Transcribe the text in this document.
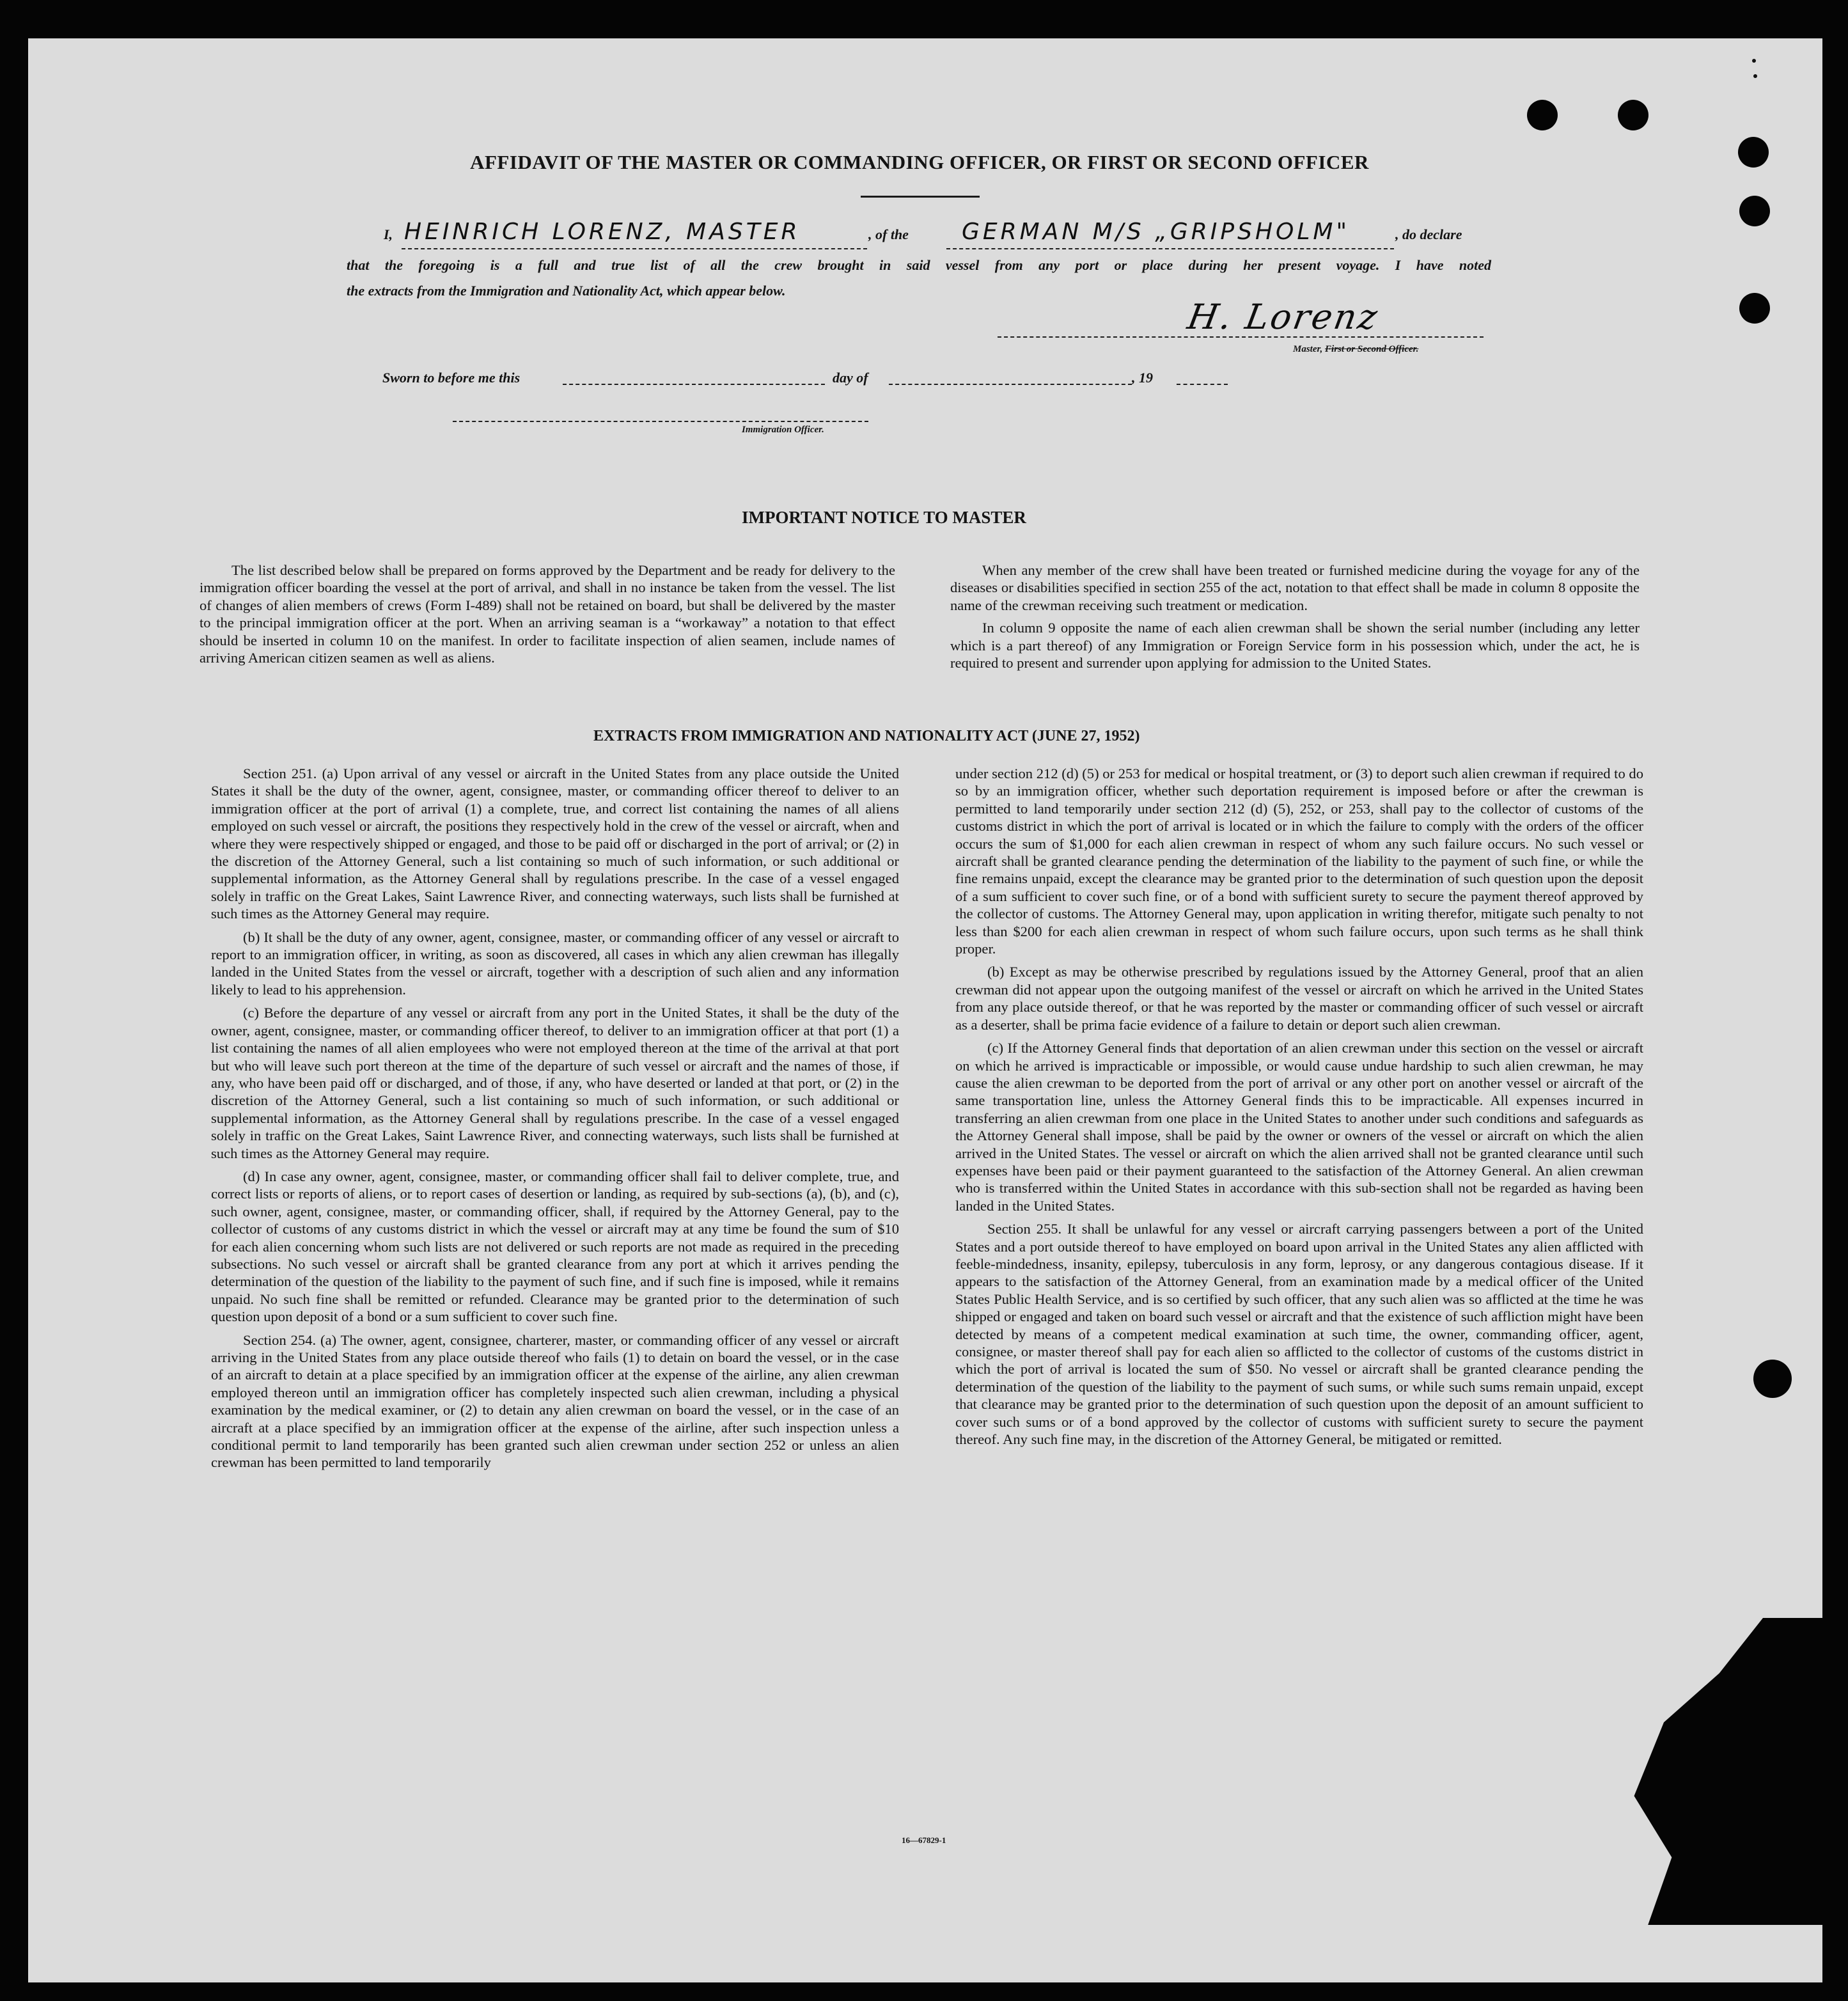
AFFIDAVIT OF THE MASTER OR COMMANDING OFFICER, OR FIRST OR SECOND OFFICER
I, HEINRICH LORENZ, MASTER	, of the GERMAN M/S „GRIPSHOLM"	, do declare
that the foregoing is a full and true list of all the crew brought in said vessel from any port or place during her present voyage. I have noted
the extracts from the Immigration and Nationality Act, which appear below.
H. Lorenz
Master, First or Second Officer.
Sworn to before me this	day of	, 19
Immigration Officer.
IMPORTANT NOTICE TO MASTER

The list described below shall be prepared on forms approved by the Department and be ready for delivery to the immigration officer boarding the vessel at the port of arrival, and shall in no instance be taken from the vessel. The list of changes of alien members of crews (Form I-489) shall not be retained on board, but shall be delivered by the master to the principal immigration officer at the port. When an arriving seaman is a “workaway” a notation to that effect should be inserted in column 10 on the manifest. In order to facilitate inspection of alien seamen, include names of arriving American citizen seamen as well as aliens.

When any member of the crew shall have been treated or furnished medicine during the voyage for any of the diseases or disabilities specified in section 255 of the act, notation to that effect shall be made in column 8 opposite the name of the crewman receiving such treatment or medication.

In column 9 opposite the name of each alien crewman shall be shown the serial number (including any letter which is a part thereof) of any Immigration or Foreign Service form in his possession which, under the act, he is required to present and surrender upon applying for admission to the United States.

EXTRACTS FROM IMMIGRATION AND NATIONALITY ACT (JUNE 27, 1952)

Section 251. (a) Upon arrival of any vessel or aircraft in the United States from any place outside the United States it shall be the duty of the owner, agent, consignee, master, or commanding officer thereof to deliver to an immigration officer at the port of arrival (1) a complete, true, and correct list containing the names of all aliens employed on such vessel or aircraft, the positions they respectively hold in the crew of the vessel or aircraft, when and where they were respectively shipped or engaged, and those to be paid off or discharged in the port of arrival; or (2) in the discretion of the Attorney General, such a list containing so much of such information, or such additional or supplemental information, as the Attorney General shall by regulations prescribe. In the case of a vessel engaged solely in traffic on the Great Lakes, Saint Lawrence River, and connecting waterways, such lists shall be furnished at such times as the Attorney General may require.

(b) It shall be the duty of any owner, agent, consignee, master, or commanding officer of any vessel or aircraft to report to an immigration officer, in writing, as soon as discovered, all cases in which any alien crewman has illegally landed in the United States from the vessel or aircraft, together with a description of such alien and any information likely to lead to his apprehension.

(c) Before the departure of any vessel or aircraft from any port in the United States, it shall be the duty of the owner, agent, consignee, master, or commanding officer thereof, to deliver to an immigration officer at that port (1) a list containing the names of all alien employees who were not employed thereon at the time of the arrival at that port but who will leave such port thereon at the time of the departure of such vessel or aircraft and the names of those, if any, who have been paid off or discharged, and of those, if any, who have deserted or landed at that port, or (2) in the discretion of the Attorney General, such a list containing so much of such information, or such additional or supplemental information, as the Attorney General shall by regulations prescribe. In the case of a vessel engaged solely in traffic on the Great Lakes, Saint Lawrence River, and connecting waterways, such lists shall be furnished at such times as the Attorney General may require.

(d) In case any owner, agent, consignee, master, or commanding officer shall fail to deliver complete, true, and correct lists or reports of aliens, or to report cases of desertion or landing, as required by sub-sections (a), (b), and (c), such owner, agent, consignee, master, or commanding officer, shall, if required by the Attorney General, pay to the collector of customs of any customs district in which the vessel or aircraft may at any time be found the sum of $10 for each alien concerning whom such lists are not delivered or such reports are not made as required in the preceding subsections. No such vessel or aircraft shall be granted clearance from any port at which it arrives pending the determination of the question of the liability to the payment of such fine, and if such fine is imposed, while it remains unpaid. No such fine shall be remitted or refunded. Clearance may be granted prior to the determination of such question upon deposit of a bond or a sum sufficient to cover such fine.

Section 254. (a) The owner, agent, consignee, charterer, master, or commanding officer of any vessel or aircraft arriving in the United States from any place outside thereof who fails (1) to detain on board the vessel, or in the case of an aircraft to detain at a place specified by an immigration officer at the expense of the airline, any alien crewman employed thereon until an immigration officer has completely inspected such alien crewman, including a physical examination by the medical examiner, or (2) to detain any alien crewman on board the vessel, or in the case of an aircraft at a place specified by an immigration officer at the expense of the airline, after such inspection unless a conditional permit to land temporarily has been granted such alien crewman under section 252 or unless an alien crewman has been permitted to land temporarily

under section 212 (d) (5) or 253 for medical or hospital treatment, or (3) to deport such alien crewman if required to do so by an immigration officer, whether such deportation requirement is imposed before or after the crewman is permitted to land temporarily under section 212 (d) (5), 252, or 253, shall pay to the collector of customs of the customs district in which the port of arrival is located or in which the failure to comply with the orders of the officer occurs the sum of $1,000 for each alien crewman in respect of whom any such failure occurs. No such vessel or aircraft shall be granted clearance pending the determination of the liability to the payment of such fine, or while the fine remains unpaid, except the clearance may be granted prior to the determination of such question upon the deposit of a sum sufficient to cover such fine, or of a bond with sufficient surety to secure the payment thereof approved by the collector of customs. The Attorney General may, upon application in writing therefor, mitigate such penalty to not less than $200 for each alien crewman in respect of whom such failure occurs, upon such terms as he shall think proper.

(b) Except as may be otherwise prescribed by regulations issued by the Attorney General, proof that an alien crewman did not appear upon the outgoing manifest of the vessel or aircraft on which he arrived in the United States from any place outside thereof, or that he was reported by the master or commanding officer of such vessel or aircraft as a deserter, shall be prima facie evidence of a failure to detain or deport such alien crewman.

(c) If the Attorney General finds that deportation of an alien crewman under this section on the vessel or aircraft on which he arrived is impracticable or impossible, or would cause undue hardship to such alien crewman, he may cause the alien crewman to be deported from the port of arrival or any other port on another vessel or aircraft of the same transportation line, unless the Attorney General finds this to be impracticable. All expenses incurred in transferring an alien crewman from one place in the United States to another under such conditions and safeguards as the Attorney General shall impose, shall be paid by the owner or owners of the vessel or aircraft on which the alien arrived in the United States. The vessel or aircraft on which the alien arrived shall not be granted clearance until such expenses have been paid or their payment guaranteed to the satisfaction of the Attorney General. An alien crewman who is transferred within the United States in accordance with this sub-section shall not be regarded as having been landed in the United States.

Section 255. It shall be unlawful for any vessel or aircraft carrying passengers between a port of the United States and a port outside thereof to have employed on board upon arrival in the United States any alien afflicted with feeble-mindedness, insanity, epilepsy, tuberculosis in any form, leprosy, or any dangerous contagious disease. If it appears to the satisfaction of the Attorney General, from an examination made by a medical officer of the United States Public Health Service, and is so certified by such officer, that any such alien was so afflicted at the time he was shipped or engaged and taken on board such vessel or aircraft and that the existence of such affliction might have been detected by means of a competent medical examination at such time, the owner, commanding officer, agent, consignee, or master thereof shall pay for each alien so afflicted to the collector of customs of the customs district in which the port of arrival is located the sum of $50. No vessel or aircraft shall be granted clearance pending the determination of the question of the liability to the payment of such sums, or while such sums remain unpaid, except that clearance may be granted prior to the determination of such question upon the deposit of an amount sufficient to cover such sums or of a bond approved by the collector of customs with sufficient surety to secure the payment thereof. Any such fine may, in the discretion of the Attorney General, be mitigated or remitted.

16—67829-1
